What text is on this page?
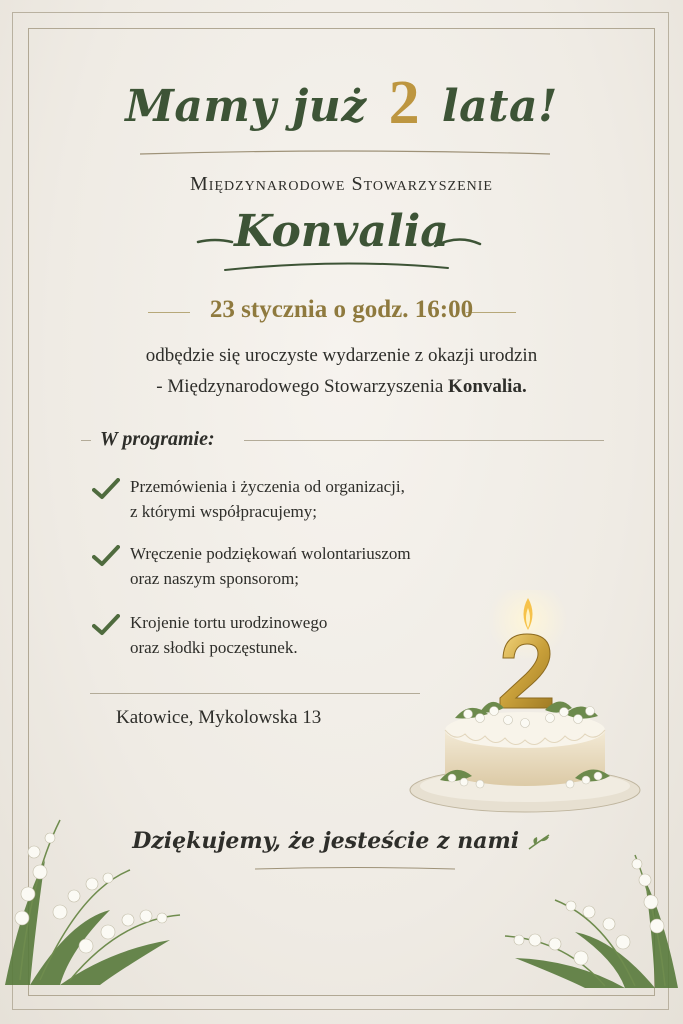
Mamy już 2 lata!
Międzynarodowe Stowarzyszenie
Konvalia
23 stycznia o godz. 16:00
odbędzie się uroczyste wydarzenie z okazji urodzin
- Międzynarodowego Stowarzyszenia Konvalia.
W programie:
Przemówienia i życzenia od organizacji,
z którymi współpracujemy;
Wręczenie podziękowań wolontariuszom
oraz naszym sponsorom;
Krojenie tortu urodzinowego
oraz słodki poczęstunek.
Katowice, Mykolowska 13
Dziękujemy, że jesteście z nami
